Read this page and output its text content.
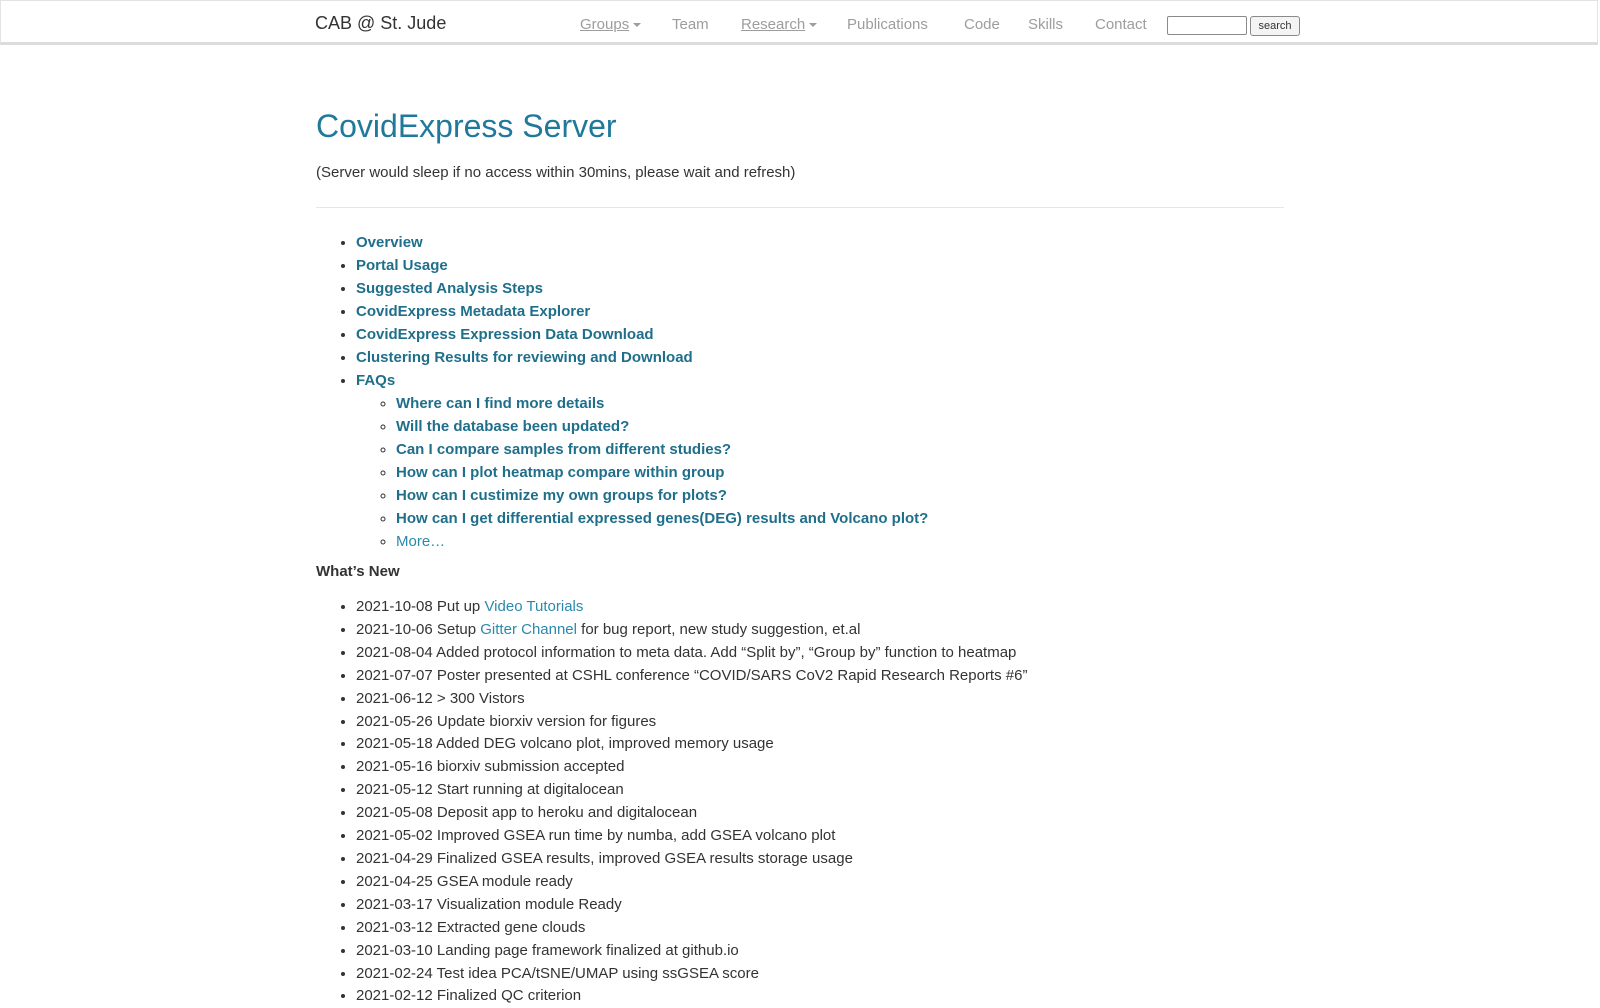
CAB @ St. Jude	Groups	Team Research	Publications Code Skills Contact	search
CovidExpress Server

(Server would sleep if no access within 30mins, please wait and refresh)

• Overview
• Portal Usage
• Suggested Analysis Steps
• CovidExpress Metadata Explorer
• CovidExpress Expression Data Download
• Clustering Results for reviewing and Download
• FAQs
◦ Where can I find more details
◦ Will the database been updated?
◦ Can I compare samples from different studies?
◦ How can I plot heatmap compare within group
◦ How can I custimize my own groups for plots?
◦ How can I get differential expressed genes(DEG) results and Volcano plot?
◦ More…

What’s New

• 2021-10-08 Put up Video Tutorials
• 2021-10-06 Setup Gitter Channel for bug report, new study suggestion, et.al
• 2021-08-04 Added protocol information to meta data. Add “Split by”, “Group by” function to heatmap
• 2021-07-07 Poster presented at CSHL conference “COVID/SARS CoV2 Rapid Research Reports #6”
• 2021-06-12 > 300 Vistors
• 2021-05-26 Update biorxiv version for figures
• 2021-05-18 Added DEG volcano plot, improved memory usage
• 2021-05-16 biorxiv submission accepted
• 2021-05-12 Start running at digitalocean
• 2021-05-08 Deposit app to heroku and digitalocean
• 2021-05-02 Improved GSEA run time by numba, add GSEA volcano plot
• 2021-04-29 Finalized GSEA results, improved GSEA results storage usage
• 2021-04-25 GSEA module ready
• 2021-03-17 Visualization module Ready
• 2021-03-12 Extracted gene clouds
• 2021-03-10 Landing page framework finalized at github.io
• 2021-02-24 Test idea PCA/tSNE/UMAP using ssGSEA score
• 2021-02-12 Finalized QC criterion
